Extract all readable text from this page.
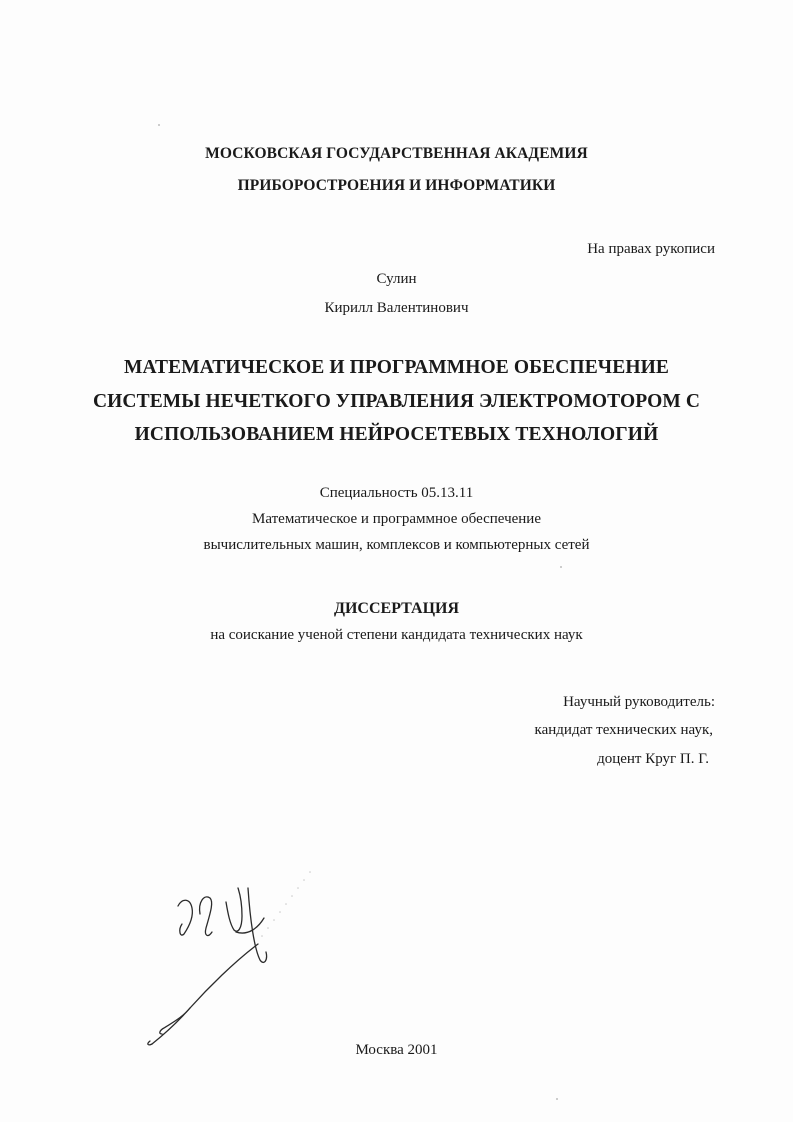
МОСКОВСКАЯ ГОСУДАРСТВЕННАЯ АКАДЕМИЯ
ПРИБОРОСТРОЕНИЯ И ИНФОРМАТИКИ
На правах рукописи
Сулин
Кирилл Валентинович
МАТЕМАТИЧЕСКОЕ И ПРОГРАММНОЕ ОБЕСПЕЧЕНИЕ
СИСТЕМЫ НЕЧЕТКОГО УПРАВЛЕНИЯ ЭЛЕКТРОМОТОРОМ С
ИСПОЛЬЗОВАНИЕМ НЕЙРОСЕТЕВЫХ ТЕХНОЛОГИЙ
Специальность 05.13.11
Математическое и программное обеспечение
вычислительных машин, комплексов и компьютерных сетей
ДИССЕРТАЦИЯ
на соискание ученой степени кандидата технических наук
Научный руководитель:
кандидат технических наук,
доцент Круг П. Г.
Москва 2001
